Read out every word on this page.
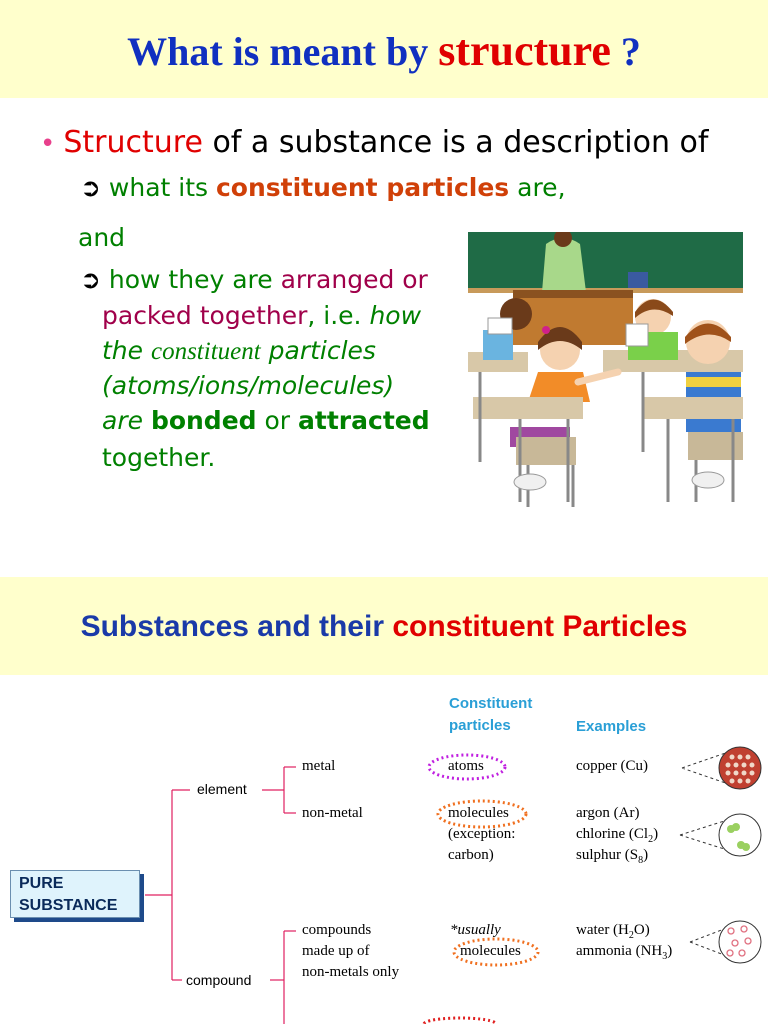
What is meant by structure ?
• Structure of a substance is a description of
➲ what its constituent particles are,
and
➲ how they are arranged or
packed together, i.e. how
the constituent particles
(atoms/ions/molecules)
are bonded or attracted
together.
Substances and their constituent Particles
Constituent
particles	Examples
PURE
SUBSTANCE
element
compound
metal
non-metal
atoms
molecules
(exception:
carbon)
copper (Cu)
argon (Ar)
chlorine $(Cl_2)$
sulphur $(S_8)$
compounds
made up of
non-metals only
*usually
molecules
water $(H_2O)$
ammonia $(NH_3)$
